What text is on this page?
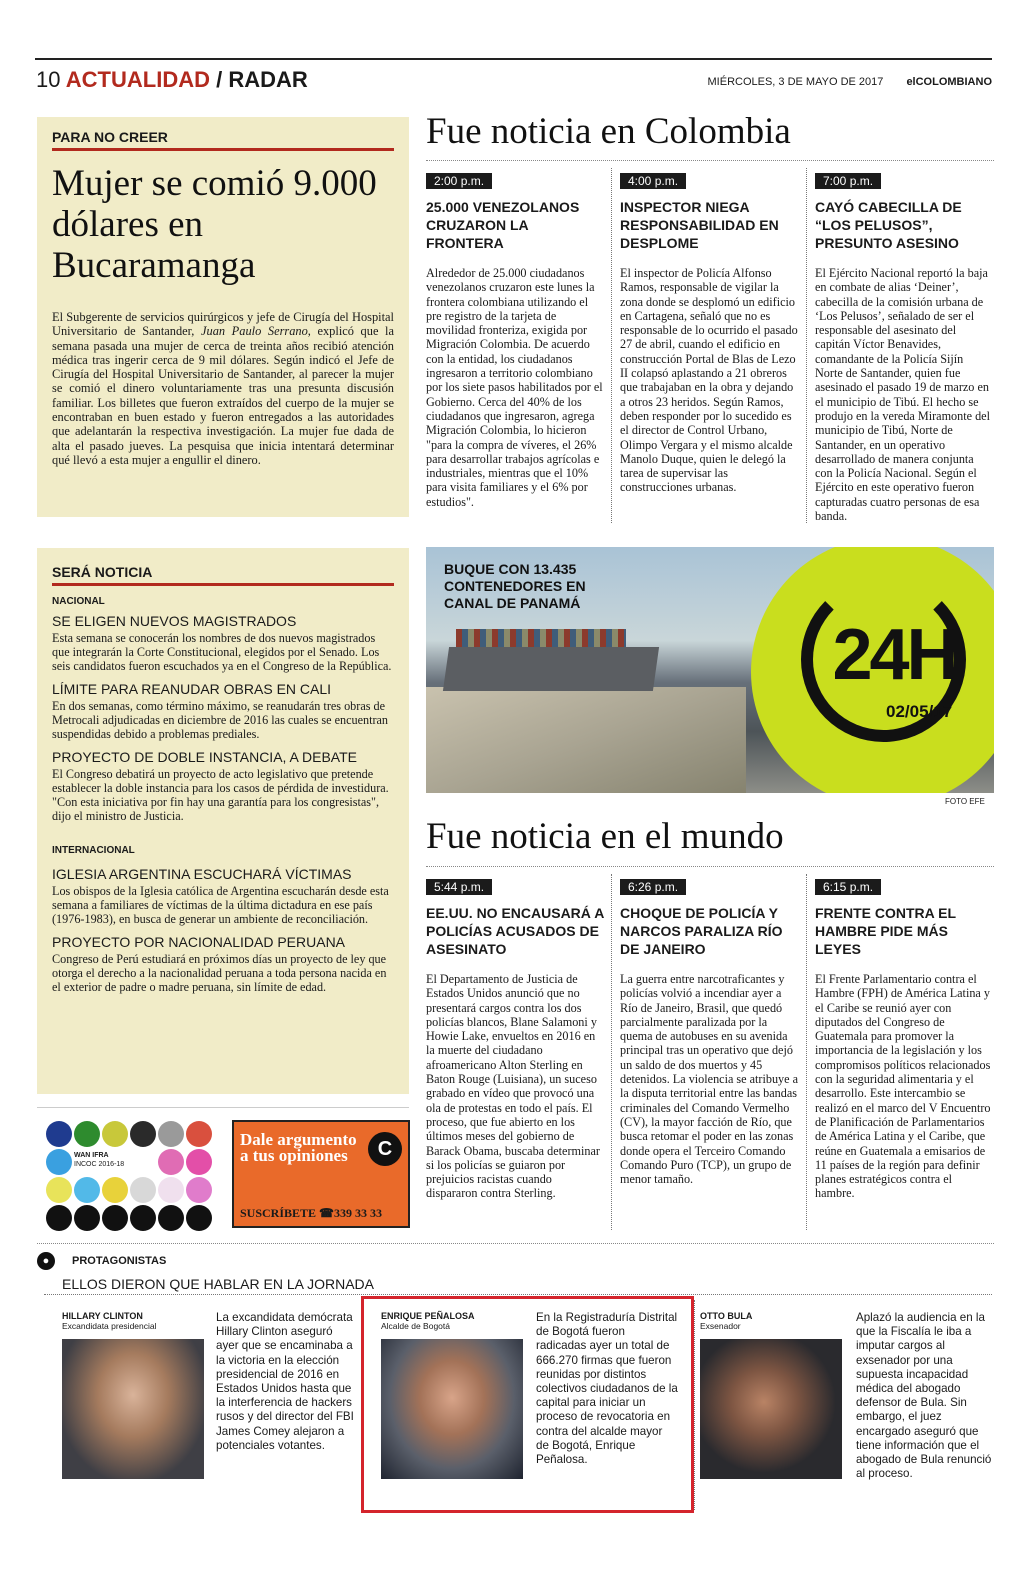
10 ACTUALIDAD / RADAR	MIÉRCOLES, 3 DE MAYO DE 2017 elCOLOMBIANO
PARA NO CREER
Mujer se comió 9.000 dólares en Bucaramanga
El Subgerente de servicios quirúrgicos y jefe de Cirugía del Hospital Universitario de Santander, Juan Paulo Serrano, explicó que la semana pasada una mujer de cerca de treinta años recibió atención médica tras ingerir cerca de 9 mil dólares. Según indicó el Jefe de Cirugía del Hospital Universitario de Santander, al parecer la mujer se comió el dinero voluntariamente tras una presunta discusión familiar. Los billetes que fueron extraídos del cuerpo de la mujer se encontraban en buen estado y fueron entregados a las autoridades que adelantarán la respectiva investigación. La mujer fue dada de alta el pasado jueves. La pesquisa que inicia intentará determinar qué llevó a esta mujer a engullir el dinero.
Fue noticia en Colombia
2:00 p.m.
25.000 VENEZOLANOS CRUZARON LA FRONTERA
Alrededor de 25.000 ciudadanos venezolanos cruzaron este lunes la frontera colombiana utilizando el pre registro de la tarjeta de movilidad fronteriza, exigida por Migración Colombia. De acuerdo con la entidad, los ciudadanos ingresaron a territorio colombiano por los siete pasos habilitados por el Gobierno. Cerca del 40% de los ciudadanos que ingresaron, agrega Migración Colombia, lo hicieron "para la compra de víveres, el 26% para desarrollar trabajos agrícolas e industriales, mientras que el 10% para visita familiares y el 6% por estudios".
4:00 p.m.
INSPECTOR NIEGA RESPONSABILIDAD EN DESPLOME
El inspector de Policía Alfonso Ramos, responsable de vigilar la zona donde se desplomó un edificio en Cartagena, señaló que no es responsable de lo ocurrido el pasado 27 de abril, cuando el edificio en construcción Portal de Blas de Lezo II colapsó aplastando a 21 obreros que trabajaban en la obra y dejando a otros 23 heridos. Según Ramos, deben responder por lo sucedido es el director de Control Urbano, Olimpo Vergara y el mismo alcalde Manolo Duque, quien le delegó la tarea de supervisar las construcciones urbanas.
7:00 p.m.
CAYÓ CABECILLA DE “LOS PELUSOS”, PRESUNTO ASESINO
El Ejército Nacional reportó la baja en combate de alias ‘Deiner’, cabecilla de la comisión urbana de ‘Los Pelusos’, señalado de ser el responsable del asesinato del capitán Víctor Benavides, comandante de la Policía Sijín Norte de Santander, quien fue asesinado el pasado 19 de marzo en el municipio de Tibú. El hecho se produjo en la vereda Miramonte del municipio de Tibú, Norte de Santander, en un operativo desarrollado de manera conjunta con la Policía Nacional. Según el Ejército en este operativo fueron capturadas cuatro personas de esa banda.
SERÁ NOTICIA
NACIONAL
SE ELIGEN NUEVOS MAGISTRADOS
Esta semana se conocerán los nombres de dos nuevos magistrados que integrarán la Corte Constitucional, elegidos por el Senado. Los seis candidatos fueron escuchados ya en el Congreso de la República.
LÍMITE PARA REANUDAR OBRAS EN CALI
En dos semanas, como término máximo, se reanudarán tres obras de Metrocali adjudicadas en diciembre de 2016 las cuales se encuentran suspendidas debido a problemas prediales.
PROYECTO DE DOBLE INSTANCIA, A DEBATE
El Congreso debatirá un proyecto de acto legislativo que pretende establecer la doble instancia para los casos de pérdida de investidura. "Con esta iniciativa por fin hay una garantía para los congresistas", dijo el ministro de Justicia.
INTERNACIONAL
IGLESIA ARGENTINA ESCUCHARÁ VÍCTIMAS
Los obispos de la Iglesia católica de Argentina escucharán desde esta semana a familiares de víctimas de la última dictadura en ese país (1976-1983), en busca de generar un ambiente de reconciliación.
PROYECTO POR NACIONALIDAD PERUANA
Congreso de Perú estudiará en próximos días un proyecto de ley que otorga el derecho a la nacionalidad peruana a toda persona nacida en el exterior de padre o madre peruana, sin límite de edad.
BUQUE CON 13.435 CONTENEDORES EN CANAL DE PANAMÁ
24H
02/05/17
FOTO EFE
Fue noticia en el mundo
5:44 p.m.
EE.UU. NO ENCAUSARÁ A POLICÍAS ACUSADOS DE ASESINATO
El Departamento de Justicia de Estados Unidos anunció que no presentará cargos contra los dos policías blancos, Blane Salamoni y Howie Lake, envueltos en 2016 en la muerte del ciudadano afroamericano Alton Sterling en Baton Rouge (Luisiana), un suceso grabado en vídeo que provocó una ola de protestas en todo el país. El proceso, que fue abierto en los últimos meses del gobierno de Barack Obama, buscaba determinar si los policías se guiaron por prejuicios racistas cuando dispararon contra Sterling.
6:26 p.m.
CHOQUE DE POLICÍA Y NARCOS PARALIZA RÍO DE JANEIRO
La guerra entre narcotraficantes y policías volvió a incendiar ayer a Río de Janeiro, Brasil, que quedó parcialmente paralizada por la quema de autobuses en su avenida principal tras un operativo que dejó un saldo de dos muertos y 45 detenidos. La violencia se atribuye a la disputa territorial entre las bandas criminales del Comando Vermelho (CV), la mayor facción de Río, que busca retomar el poder en las zonas donde opera el Terceiro Comando Comando Puro (TCP), un grupo de menor tamaño.
6:15 p.m.
FRENTE CONTRA EL HAMBRE PIDE MÁS LEYES
El Frente Parlamentario contra el Hambre (FPH) de América Latina y el Caribe se reunió ayer con diputados del Congreso de Guatemala para promover la importancia de la legislación y los compromisos políticos relacionados con la seguridad alimentaria y el desarrollo. Este intercambio se realizó en el marco del V Encuentro de Planificación de Parlamentarios de América Latina y el Caribe, que reúne en Guatemala a emisarios de 11 países de la región para definir planes estratégicos contra el hambre.
WAN IFRA
INCOC 2016-18
Dale argumento a tus opiniones	C
SUSCRÍBETE ☎339 33 33
●	PROTAGONISTAS
ELLOS DIERON QUE HABLAR EN LA JORNADA
HILLARY CLINTON
Excandidata presidencial
La excandidata demócrata Hillary Clinton aseguró ayer que se encaminaba a la victoria en la elección presidencial de 2016 en Estados Unidos hasta que la interferencia de hackers rusos y del director del FBI James Comey alejaron a potenciales votantes.
ENRIQUE PEÑALOSA
Alcalde de Bogotá
En la Registraduría Distrital de Bogotá fueron radicadas ayer un total de 666.270 firmas que fueron reunidas por distintos colectivos ciudadanos de la capital para iniciar un proceso de revocatoria en contra del alcalde mayor de Bogotá, Enrique Peñalosa.
OTTO BULA
Exsenador
Aplazó la audiencia en la que la Fiscalía le iba a imputar cargos al exsenador por una supuesta incapacidad médica del abogado defensor de Bula. Sin embargo, el juez encargado aseguró que tiene información que el abogado de Bula renunció al proceso.
